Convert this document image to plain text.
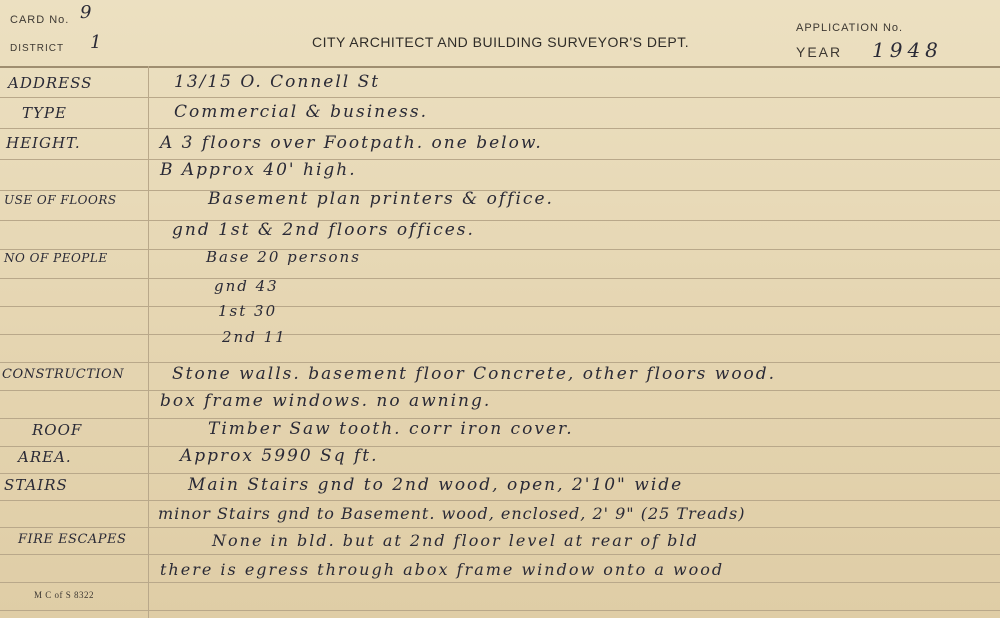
CARD No. 9
DISTRICT 1	CITY ARCHITECT AND BUILDING SURVEYOR'S DEPT.
APPLICATION No.
YEAR 1948
ADDRESS
TYPE
HEIGHT.
USE OF FLOORS
NO OF PEOPLE
CONSTRUCTION
ROOF
AREA.
STAIRS
FIRE ESCAPES
13/15 O. Connell St
Commercial & business.
A 3 floors over Footpath. one below.
B Approx 40' high.
Basement plan printers & office.
gnd 1st & 2nd floors offices.
Base 20 persons
gnd 43
1st 30
2nd 11
Stone walls. basement floor Concrete, other floors wood.
box frame windows. no awning.
Timber Saw tooth. corr iron cover.
Approx 5990 Sq ft.
Main Stairs gnd to 2nd wood, open, 2'10" wide
minor Stairs gnd to Basement. wood, enclosed, 2' 9" (25 Treads)
None in bld. but at 2nd floor level at rear of bld
there is egress through abox frame window onto a wood
M C of S 8322
